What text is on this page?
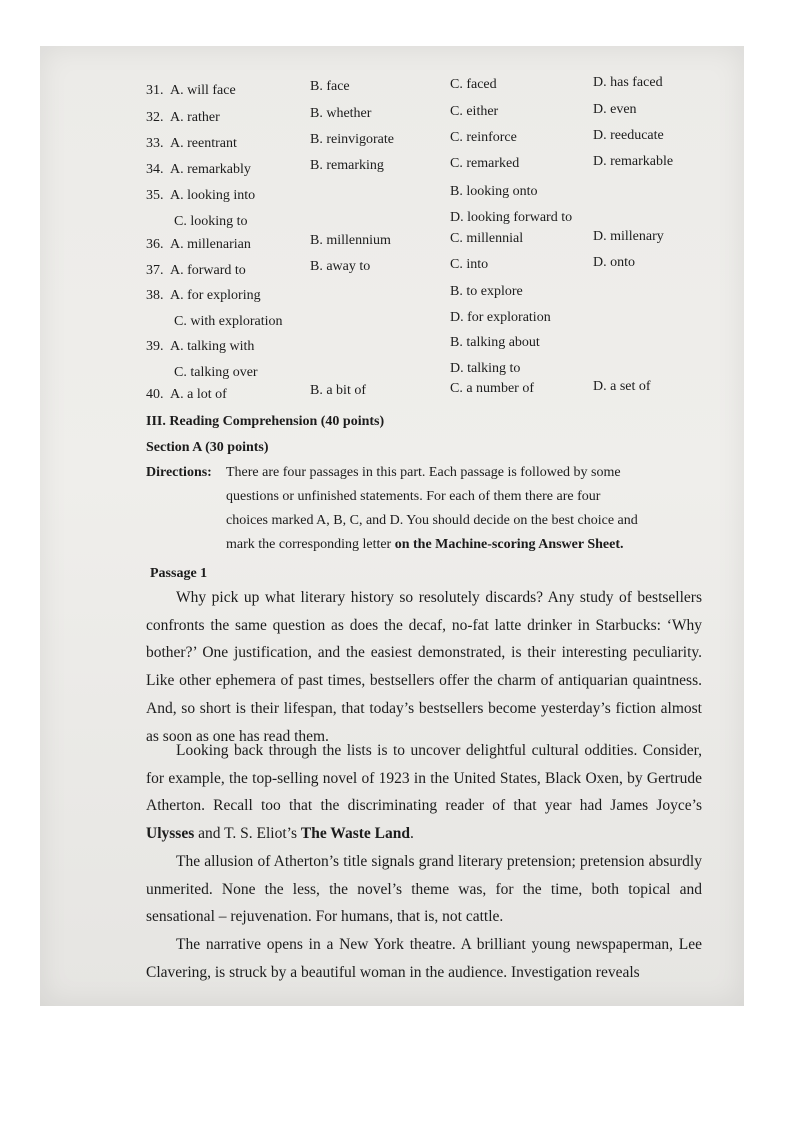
31. A. will face	B. face	C. faced	D. has faced
32. A. rather	B. whether	C. either	D. even
33. A. reentrant	B. reinvigorate	C. reinforce	D. reeducate
34. A. remarkably	B. remarking	C. remarked	D. remarkable
35. A. looking into	B. looking onto
C. looking to	D. looking forward to
36. A. millenarian	B. millennium	C. millennial	D. millenary
37. A. forward to	B. away to	C. into	D. onto
38. A. for exploring	B. to explore
C. with exploration	D. for exploration
39. A. talking with	B. talking about
C. talking over	D. talking to
40. A. a lot of	B. a bit of	C. a number of	D. a set of
III. Reading Comprehension (40 points)
Section A (30 points)
Directions: There are four passages in this part. Each passage is followed by some
questions or unfinished statements. For each of them there are four
choices marked A, B, C, and D. You should decide on the best choice and
mark the corresponding letter on the Machine-scoring Answer Sheet.
Passage 1
Why pick up what literary history so resolutely discards? Any study of bestsellers confronts the same question as does the decaf, no-fat latte drinker in Starbucks: ‘Why bother?’ One justification, and the easiest demonstrated, is their interesting peculiarity. Like other ephemera of past times, bestsellers offer the charm of antiquarian quaintness. And, so short is their lifespan, that today’s bestsellers become yesterday’s fiction almost as soon as one has read them.
Looking back through the lists is to uncover delightful cultural oddities. Consider, for example, the top-selling novel of 1923 in the United States, Black Oxen, by Gertrude Atherton. Recall too that the discriminating reader of that year had James Joyce’s Ulysses and T. S. Eliot’s The Waste Land.
The allusion of Atherton’s title signals grand literary pretension; pretension absurdly unmerited. None the less, the novel’s theme was, for the time, both topical and sensational – rejuvenation. For humans, that is, not cattle.
The narrative opens in a New York theatre. A brilliant young newspaperman, Lee Clavering, is struck by a beautiful woman in the audience. Investigation reveals
